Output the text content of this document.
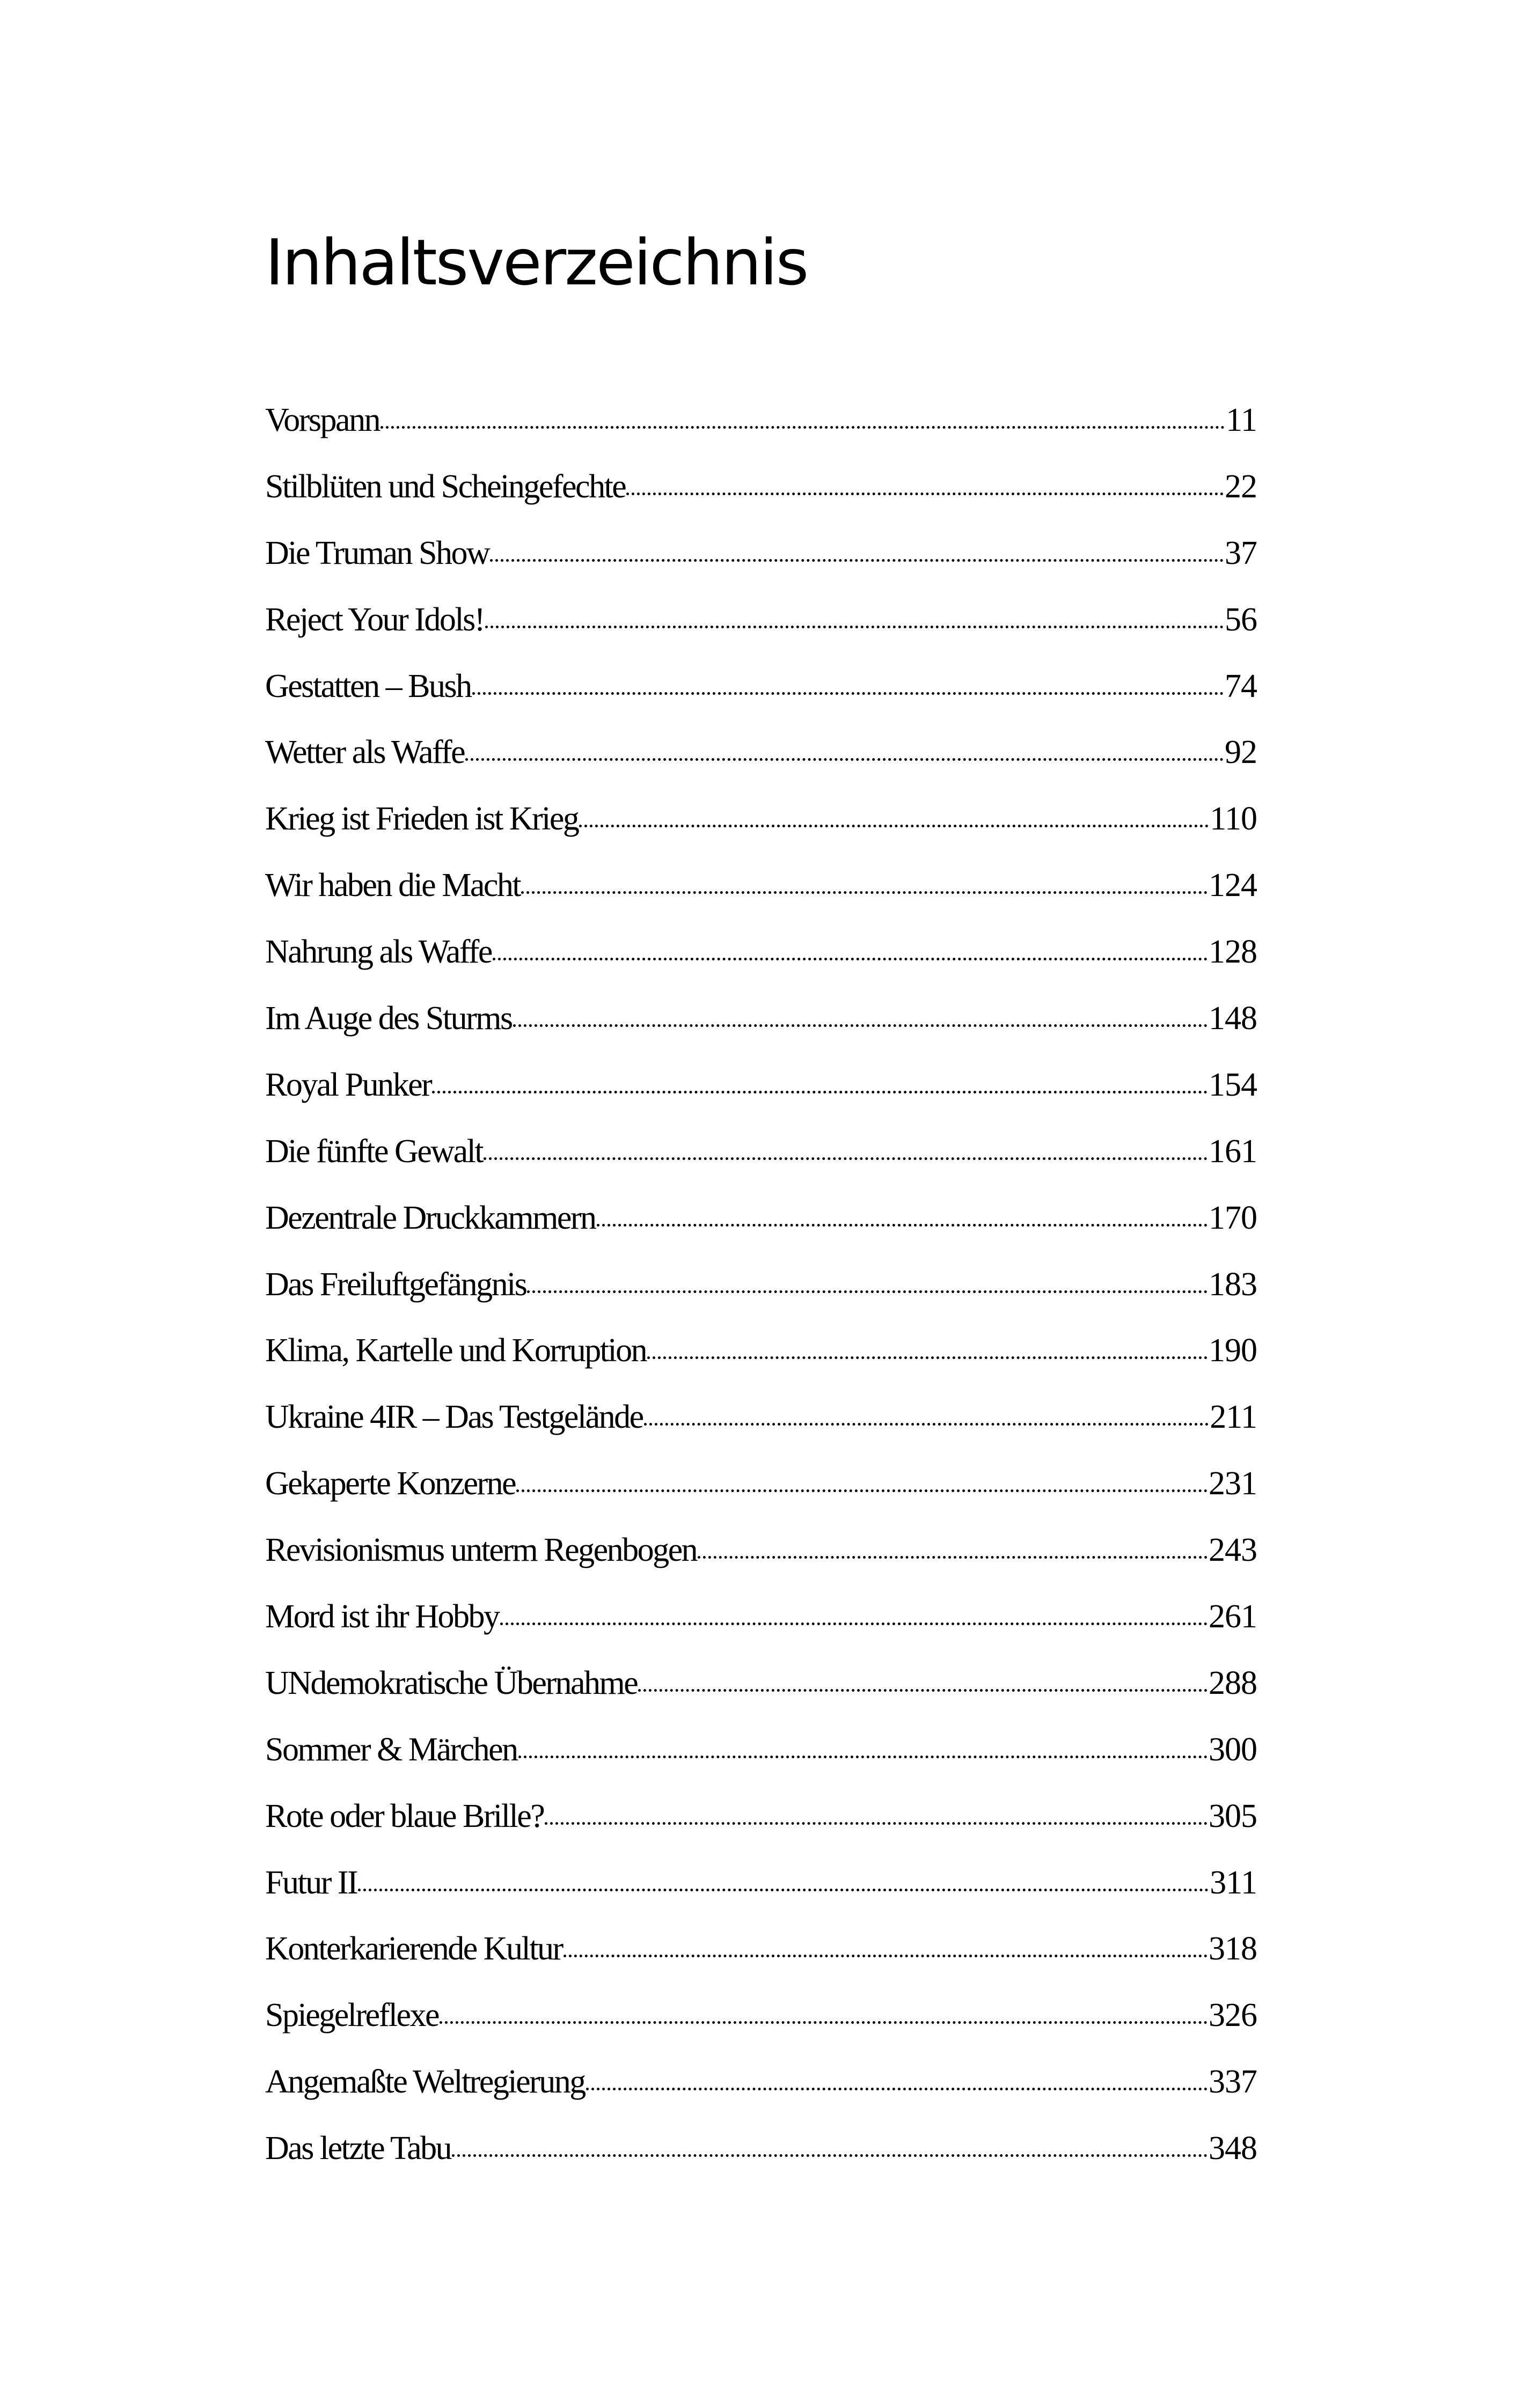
Inhaltsverzeichnis
Vorspann	11
Stilblüten und Scheingefechte	22
Die Truman Show	37
Reject Your Idols!	56
Gestatten – Bush	74
Wetter als Waffe	92
Krieg ist Frieden ist Krieg	110
Wir haben die Macht	124
Nahrung als Waffe	128
Im Auge des Sturms	148
Royal Punker	154
Die fünfte Gewalt	161
Dezentrale Druckkammern	170
Das Freiluftgefängnis	183
Klima, Kartelle und Korruption	190
Ukraine 4IR – Das Testgelände	211
Gekaperte Konzerne	231
Revisionismus unterm Regenbogen	243
Mord ist ihr Hobby	261
UNdemokratische Übernahme	288
Sommer & Märchen	300
Rote oder blaue Brille?	305
Futur II	311
Konterkarierende Kultur	318
Spiegelreflexe	326
Angemaßte Weltregierung	337
Das letzte Tabu	348
